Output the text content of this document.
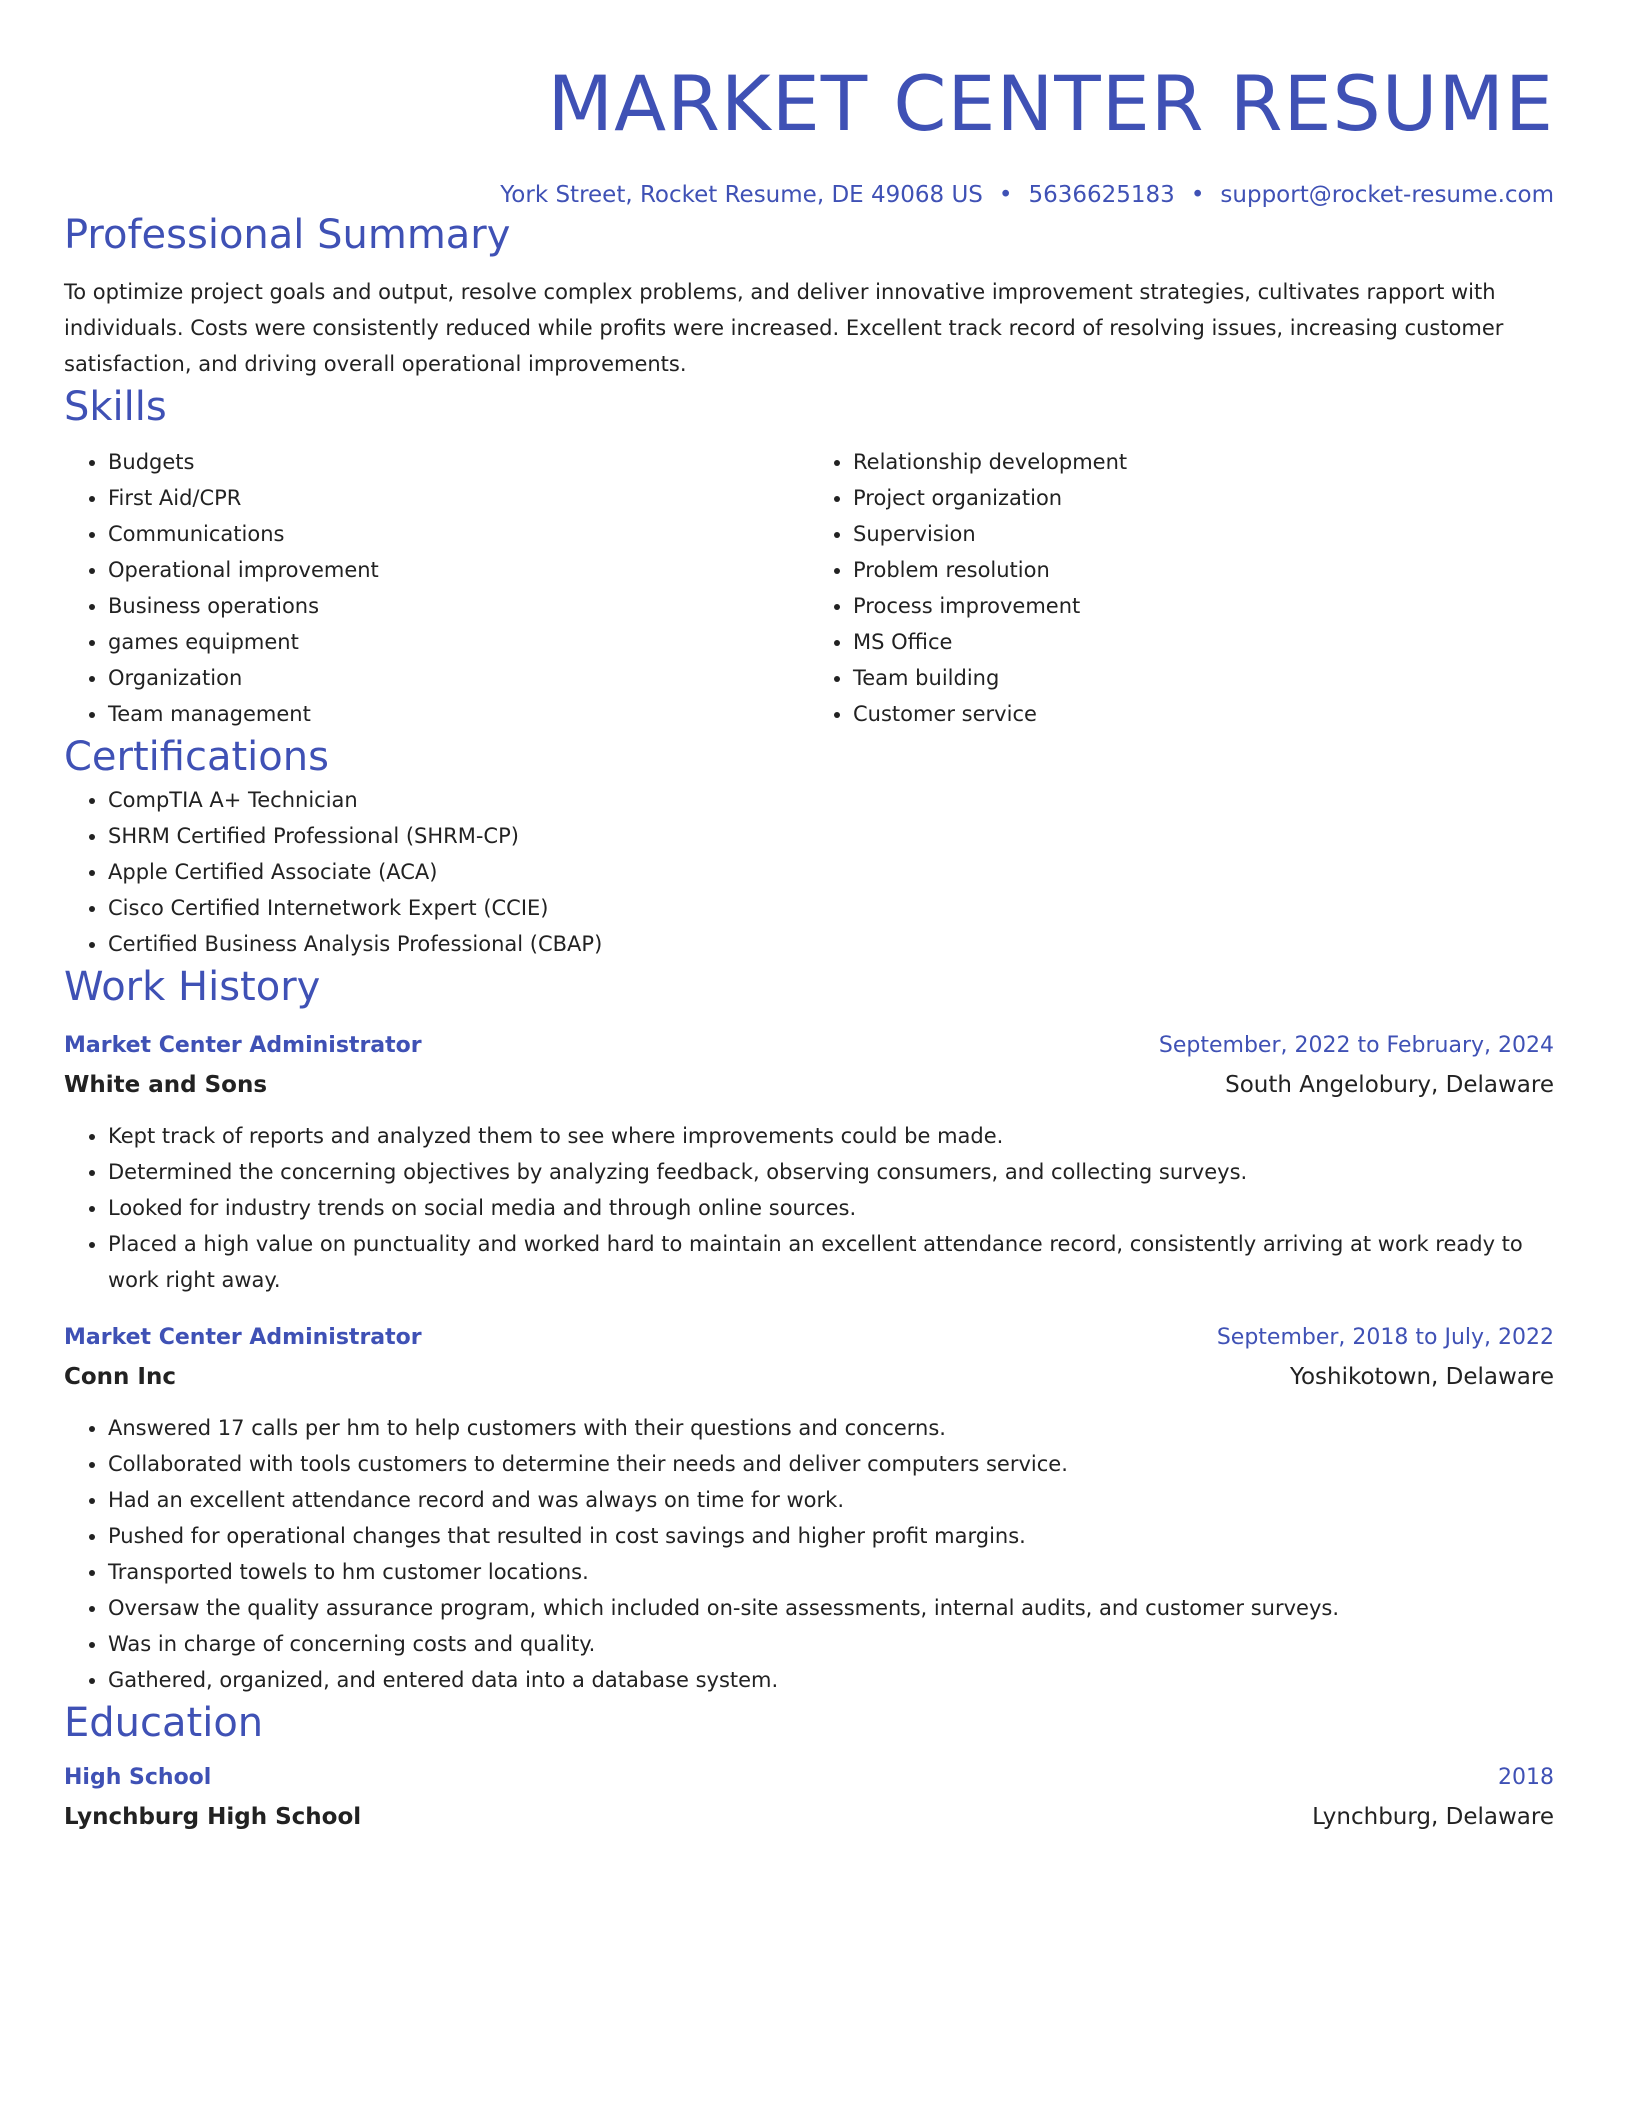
MARKET CENTER RESUME
York Street, Rocket Resume, DE 49068 US • 5636625183 • support@rocket-resume.com
Professional Summary

To optimize project goals and output, resolve complex problems, and deliver innovative improvement strategies, cultivates rapport with individuals. Costs were consistently reduced while profits were increased. Excellent track record of resolving issues, increasing customer satisfaction, and driving overall operational improvements.

Skills
• Budgets
• First Aid/CPR
• Communications
• Operational improvement
• Business operations
• games equipment
• Organization
• Team management
• Relationship development
• Project organization
• Supervision
• Problem resolution
• Process improvement
• MS Office
• Team building
• Customer service
Certifications
• CompTIA A+ Technician
• SHRM Certified Professional (SHRM-CP)
• Apple Certified Associate (ACA)
• Cisco Certified Internetwork Expert (CCIE)
• Certified Business Analysis Professional (CBAP)
Work History
Market Center Administrator	September, 2022 to February, 2024
White and Sons	South Angelobury, Delaware
• Kept track of reports and analyzed them to see where improvements could be made.
• Determined the concerning objectives by analyzing feedback, observing consumers, and collecting surveys.
• Looked for industry trends on social media and through online sources.
• Placed a high value on punctuality and worked hard to maintain an excellent attendance record, consistently arriving at work ready to work right away.
Market Center Administrator	September, 2018 to July, 2022
Conn Inc	Yoshikotown, Delaware
• Answered 17 calls per hm to help customers with their questions and concerns.
• Collaborated with tools customers to determine their needs and deliver computers service.
• Had an excellent attendance record and was always on time for work.
• Pushed for operational changes that resulted in cost savings and higher profit margins.
• Transported towels to hm customer locations.
• Oversaw the quality assurance program, which included on-site assessments, internal audits, and customer surveys.
• Was in charge of concerning costs and quality.
• Gathered, organized, and entered data into a database system.
Education
High School	2018
Lynchburg High School	Lynchburg, Delaware
